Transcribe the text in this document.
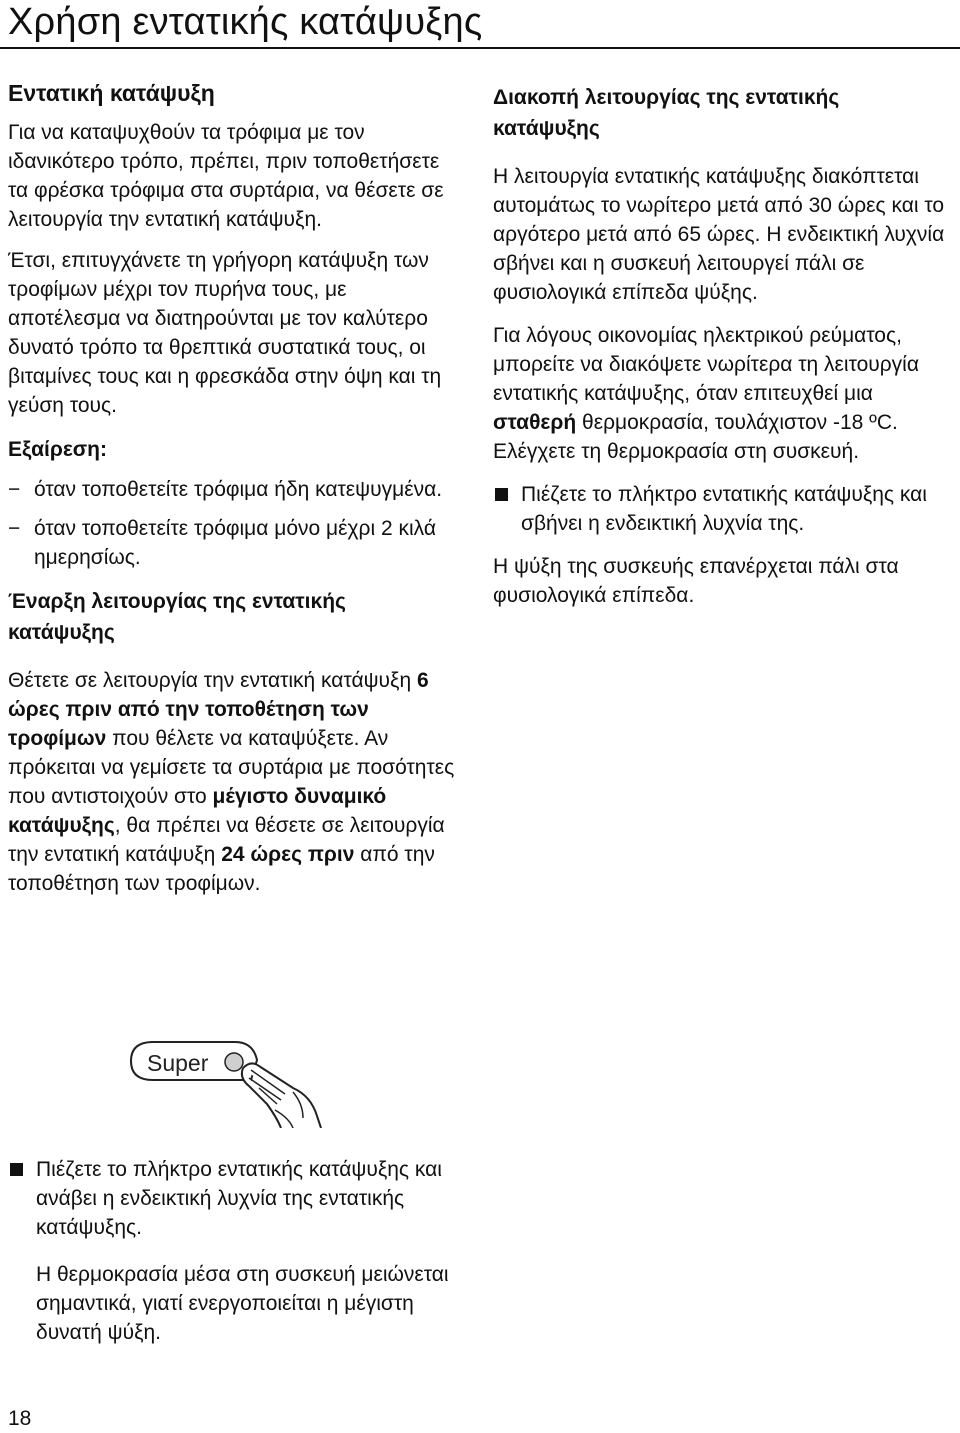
Χρήση εντατικής κατάψυξης
Εντατική κατάψυξη

Για να καταψυχθούν τα τρόφιμα με τον ιδανικότερο τρόπο, πρέπει, πριν τοποθετήσετε τα φρέσκα τρόφιμα στα συρτάρια, να θέσετε σε λειτουργία την εντατική κατάψυξη.

Έτσι, επιτυγχάνετε τη γρήγορη κατάψυξη των τροφίμων μέχρι τον πυρήνα τους, με αποτέλεσμα να διατηρούνται με τον καλύτερο δυνατό τρόπο τα θρεπτικά συστατικά τους, οι βιταμίνες τους και η φρεσκάδα στην όψη και τη γεύση τους.

Εξαίρεση:
− όταν τοποθετείτε τρόφιμα ήδη κατεψυγμένα.
− όταν τοποθετείτε τρόφιμα μόνο μέχρι 2 κιλά ημερησίως.
Έναρξη λειτουργίας της εντατικής κατάψυξης

Θέτετε σε λειτουργία την εντατική κατάψυξη 6 ώρες πριν από την τοποθέτηση των τροφίμων που θέλετε να καταψύξετε. Αν πρόκειται να γεμίσετε τα συρτάρια με ποσότητες που αντιστοιχούν στο μέγιστο δυναμικό κατάψυξης, θα πρέπει να θέσετε σε λειτουργία την εντατική κατάψυξη 24 ώρες πριν από την τοποθέτηση των τροφίμων.

Super
Πιέζετε το πλήκτρο εντατικής κατάψυξης και ανάβει η ενδεικτική λυχνία της εντατικής κατάψυξης.

Η θερμοκρασία μέσα στη συσκευή μειώνεται σημαντικά, γιατί ενεργοποιείται η μέγιστη δυνατή ψύξη.

Διακοπή λειτουργίας της εντατικής κατάψυξης

Η λειτουργία εντατικής κατάψυξης διακόπτεται αυτομάτως το νωρίτερο μετά από 30 ώρες και το αργότερο μετά από 65 ώρες. Η ενδεικτική λυχνία σβήνει και η συσκευή λειτουργεί πάλι σε φυσιολογικά επίπεδα ψύξης.

Για λόγους οικονομίας ηλεκτρικού ρεύματος, μπορείτε να διακόψετε νωρίτερα τη λειτουργία εντατικής κατάψυξης, όταν επιτευχθεί μια σταθερή θερμοκρασία, τουλάχιστον -18 ºC. Ελέγχετε τη θερμοκρασία στη συσκευή.

Πιέζετε το πλήκτρο εντατικής κατάψυξης και σβήνει η ενδεικτική λυχνία της.

Η ψύξη της συσκευής επανέρχεται πάλι στα φυσιολογικά επίπεδα.

18
